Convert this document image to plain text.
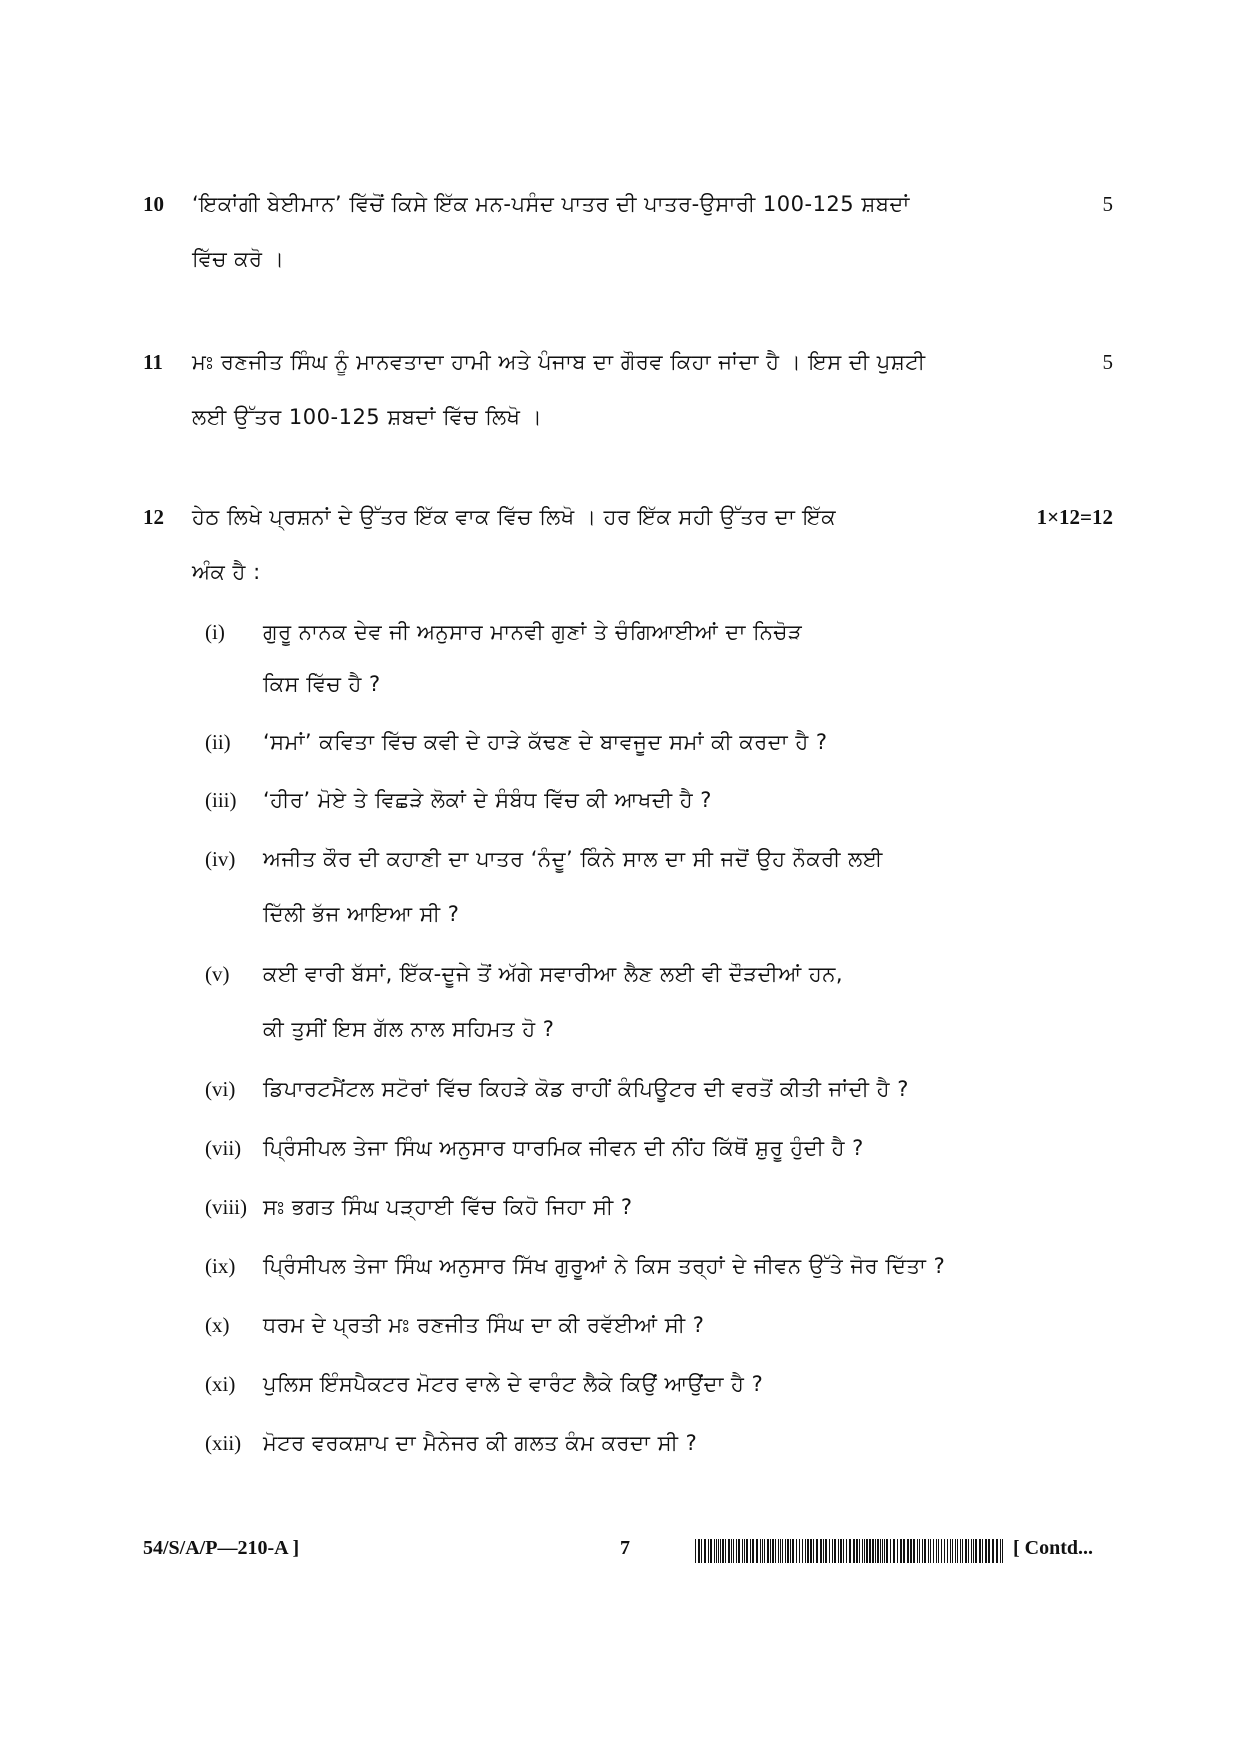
10 ‘ਇਕਾਂਗੀ ਬੇਈਮਾਨ’ ਵਿੱਚੋਂ ਕਿਸੇ ਇੱਕ ਮਨ-ਪਸੰਦ ਪਾਤਰ ਦੀ ਪਾਤਰ-ਉਸਾਰੀ 100-125 ਸ਼ਬਦਾਂ
ਵਿੱਚ ਕਰੋ ।
5
11 ਮਃ ਰਣਜੀਤ ਸਿੰਘ ਨੂੰ ਮਾਨਵਤਾਦਾ ਹਾਮੀ ਅਤੇ ਪੰਜਾਬ ਦਾ ਗੌਰਵ ਕਿਹਾ ਜਾਂਦਾ ਹੈ । ਇਸ ਦੀ ਪੁਸ਼ਟੀ
ਲਈ ਉੱਤਰ 100-125 ਸ਼ਬਦਾਂ ਵਿੱਚ ਲਿਖੋ ।
5
12 ਹੇਠ ਲਿਖੇ ਪ੍ਰਸ਼ਨਾਂ ਦੇ ਉੱਤਰ ਇੱਕ ਵਾਕ ਵਿੱਚ ਲਿਖੋ । ਹਰ ਇੱਕ ਸਹੀ ਉੱਤਰ ਦਾ ਇੱਕ
ਅੰਕ ਹੈ :
1×12=12
(i) ਗੁਰੂ ਨਾਨਕ ਦੇਵ ਜੀ ਅਨੁਸਾਰ ਮਾਨਵੀ ਗੁਣਾਂ ਤੇ ਚੰਗਿਆਈਆਂ ਦਾ ਨਿਚੋੜ
ਕਿਸ ਵਿੱਚ ਹੈ ?
(ii) ‘ਸਮਾਂ’ ਕਵਿਤਾ ਵਿੱਚ ਕਵੀ ਦੇ ਹਾੜੇ ਕੱਢਣ ਦੇ ਬਾਵਜੂਦ ਸਮਾਂ ਕੀ ਕਰਦਾ ਹੈ ?
(iii) ‘ਹੀਰ’ ਮੋਏ ਤੇ ਵਿਛੜੇ ਲੋਕਾਂ ਦੇ ਸੰਬੰਧ ਵਿੱਚ ਕੀ ਆਖਦੀ ਹੈ ?
(iv) ਅਜੀਤ ਕੌਰ ਦੀ ਕਹਾਣੀ ਦਾ ਪਾਤਰ ‘ਨੰਦੂ’ ਕਿੰਨੇ ਸਾਲ ਦਾ ਸੀ ਜਦੋਂ ਉਹ ਨੌਕਰੀ ਲਈ
ਦਿੱਲੀ ਭੱਜ ਆਇਆ ਸੀ ?
(v) ਕਈ ਵਾਰੀ ਬੱਸਾਂ, ਇੱਕ-ਦੂਜੇ ਤੋਂ ਅੱਗੇ ਸਵਾਰੀਆ ਲੈਣ ਲਈ ਵੀ ਦੌੜਦੀਆਂ ਹਨ,
ਕੀ ਤੁਸੀਂ ਇਸ ਗੱਲ ਨਾਲ ਸਹਿਮਤ ਹੋ ?
(vi) ਡਿਪਾਰਟਮੈਂਟਲ ਸਟੋਰਾਂ ਵਿੱਚ ਕਿਹੜੇ ਕੋਡ ਰਾਹੀਂ ਕੰਪਿਊਟਰ ਦੀ ਵਰਤੋਂ ਕੀਤੀ ਜਾਂਦੀ ਹੈ ?
(vii) ਪ੍ਰਿੰਸੀਪਲ ਤੇਜਾ ਸਿੰਘ ਅਨੁਸਾਰ ਧਾਰਮਿਕ ਜੀਵਨ ਦੀ ਨੀਂਹ ਕਿੱਥੋਂ ਸ਼ੁਰੂ ਹੁੰਦੀ ਹੈ ?
(viii) ਸਃ ਭਗਤ ਸਿੰਘ ਪੜ੍ਹਾਈ ਵਿੱਚ ਕਿਹੋ ਜਿਹਾ ਸੀ ?
(ix) ਪ੍ਰਿੰਸੀਪਲ ਤੇਜਾ ਸਿੰਘ ਅਨੁਸਾਰ ਸਿੱਖ ਗੁਰੂਆਂ ਨੇ ਕਿਸ ਤਰ੍ਹਾਂ ਦੇ ਜੀਵਨ ਉੱਤੇ ਜੋਰ ਦਿੱਤਾ ?
(x) ਧਰਮ ਦੇ ਪ੍ਰਤੀ ਮਃ ਰਣਜੀਤ ਸਿੰਘ ਦਾ ਕੀ ਰਵੱਈਆਂ ਸੀ ?
(xi) ਪੁਲਿਸ ਇੰਸਪੈਕਟਰ ਮੋਟਰ ਵਾਲੇ ਦੇ ਵਾਰੰਟ ਲੈਕੇ ਕਿਉਂ ਆਉਂਦਾ ਹੈ ?
(xii) ਮੋਟਰ ਵਰਕਸ਼ਾਪ ਦਾ ਮੈਨੇਜਰ ਕੀ ਗਲਤ ਕੰਮ ਕਰਦਾ ਸੀ ?
54/S/A/P—210-A ]	7	[ Contd...
